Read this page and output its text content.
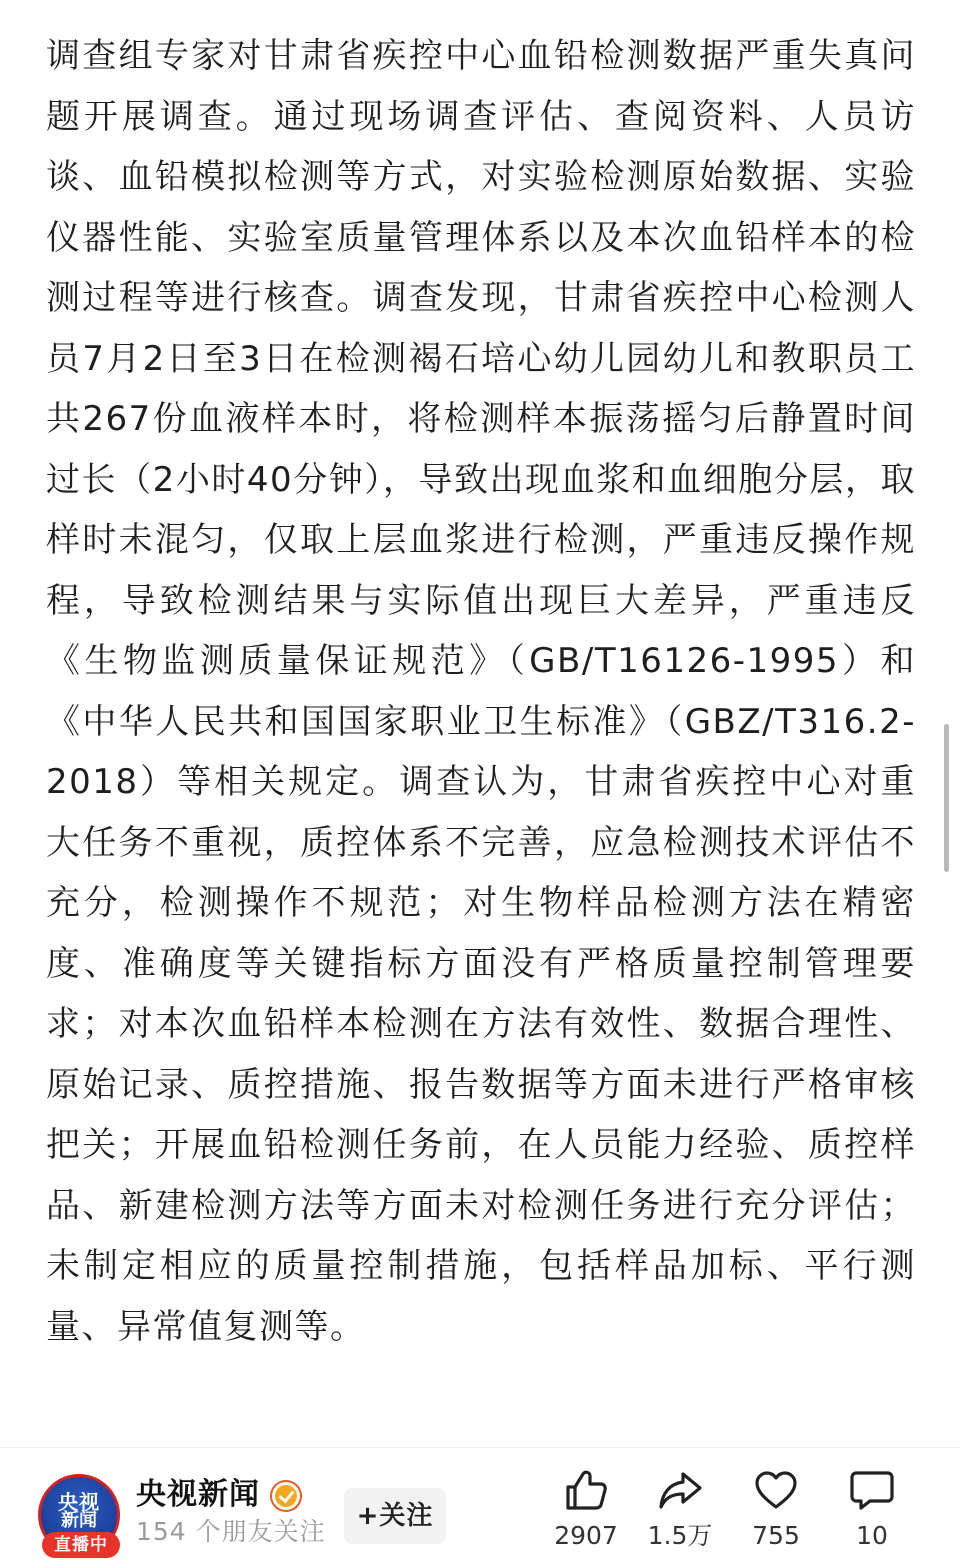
调查组专家对甘肃省疾控中心血铅检测数据严重失真问题开展调查。通过现场调查评估、查阅资料、人员访谈、血铅模拟检测等方式，对实验检测原始数据、实验仪器性能、实验室质量管理体系以及本次血铅样本的检测过程等进行核查。调查发现，甘肃省疾控中心检测人员7月2日至3日在检测褐石培心幼儿园幼儿和教职员工共267份血液样本时，将检测样本振荡摇匀后静置时间过长（2小时40分钟），导致出现血浆和血细胞分层，取样时未混匀，仅取上层血浆进行检测，严重违反操作规程，导致检测结果与实际值出现巨大差异，严重违反《生物监测质量保证规范》（GB/T16126-1995）和《中华人民共和国国家职业卫生标准》（GBZ/T316.2-2018）等相关规定。调查认为，甘肃省疾控中心对重大任务不重视，质控体系不完善，应急检测技术评估不充分，检测操作不规范；对生物样品检测方法在精密度、准确度等关键指标方面没有严格质量控制管理要求；对本次血铅样本检测在方法有效性、数据合理性、原始记录、质控措施、报告数据等方面未进行严格审核把关；开展血铅检测任务前，在人员能力经验、质控样品、新建检测方法等方面未对检测任务进行充分评估；未制定相应的质量控制措施，包括样品加标、平行测量、异常值复测等。
央视
新闻
直播中
央视新闻
154 个朋友关注
+关注
2907	1.5万	755	10
